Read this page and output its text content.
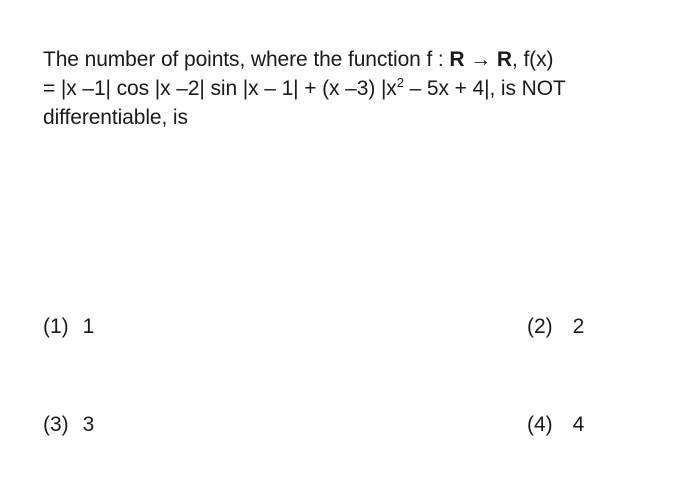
The number of points, where the function f : R → R, f(x)
= |x –1| cos |x –2| sin |x – 1| + (x –3) $|x^2 - 5x + 4|$, is NOT
differentiable, is
(1) 1	(2) 2
(3) 3	(4) 4
